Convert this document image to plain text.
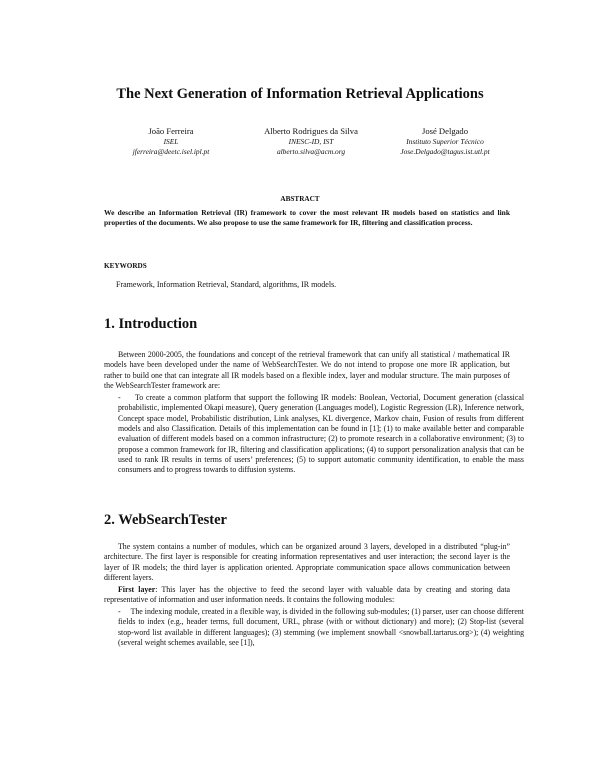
The Next Generation of Information Retrieval Applications
João Ferreira
ISEL
jferreira@deetc.isel.ipl.pt
Alberto Rodrigues da Silva
INESC-ID, IST
alberto.silva@acm.org
José Delgado
Instituto Superior Técnico
Jose.Delgado@tagus.ist.utl.pt
ABSTRACT
We describe an Information Retrieval (IR) framework to cover the most relevant IR models based on statistics and link properties of the documents. We also propose to use the same framework for IR, filtering and classification process.
KEYWORDS
Framework, Information Retrieval, Standard, algorithms, IR models.
1. Introduction
Between 2000-2005, the foundations and concept of the retrieval framework that can unify all statistical / mathematical IR models have been developed under the name of WebSearchTester. We do not intend to propose one more IR application, but rather to build one that can integrate all IR models based on a flexible index, layer and modular structure. The main purposes of the WebSearchTester framework are:
- To create a common platform that support the following IR models: Boolean, Vectorial, Document generation (classical probabilistic, implemented Okapi measure), Query generation (Languages model), Logistic Regression (LR), Inference network, Concept space model, Probabilistic distribution, Link analyses, KL divergence, Markov chain, Fusion of results from different models and also Classification. Details of this implementation can be found in [1]; (1) to make available better and comparable evaluation of different models based on a common infrastructure; (2) to promote research in a collaborative environment; (3) to propose a common framework for IR, filtering and classification applications; (4) to support personalization analysis that can be used to rank IR results in terms of users’ preferences; (5) to support automatic community identification, to enable the mass consumers and to progress towards to diffusion systems.
2. WebSearchTester
The system contains a number of modules, which can be organized around 3 layers, developed in a distributed “plug-in” architecture. The first layer is responsible for creating information representatives and user interaction; the second layer is the layer of IR models; the third layer is application oriented. Appropriate communication space allows communication between different layers.
First layer: This layer has the objective to feed the second layer with valuable data by creating and storing data representative of information and user information needs. It contains the following modules:
- The indexing module, created in a flexible way, is divided in the following sub-modules; (1) parser, user can choose different fields to index (e.g., header terms, full document, URL, phrase (with or without dictionary) and more); (2) Stop-list (several stop-word list available in different languages); (3) stemming (we implement snowball <snowball.tartarus.org>); (4) weighting (several weight schemes available, see [1]),
